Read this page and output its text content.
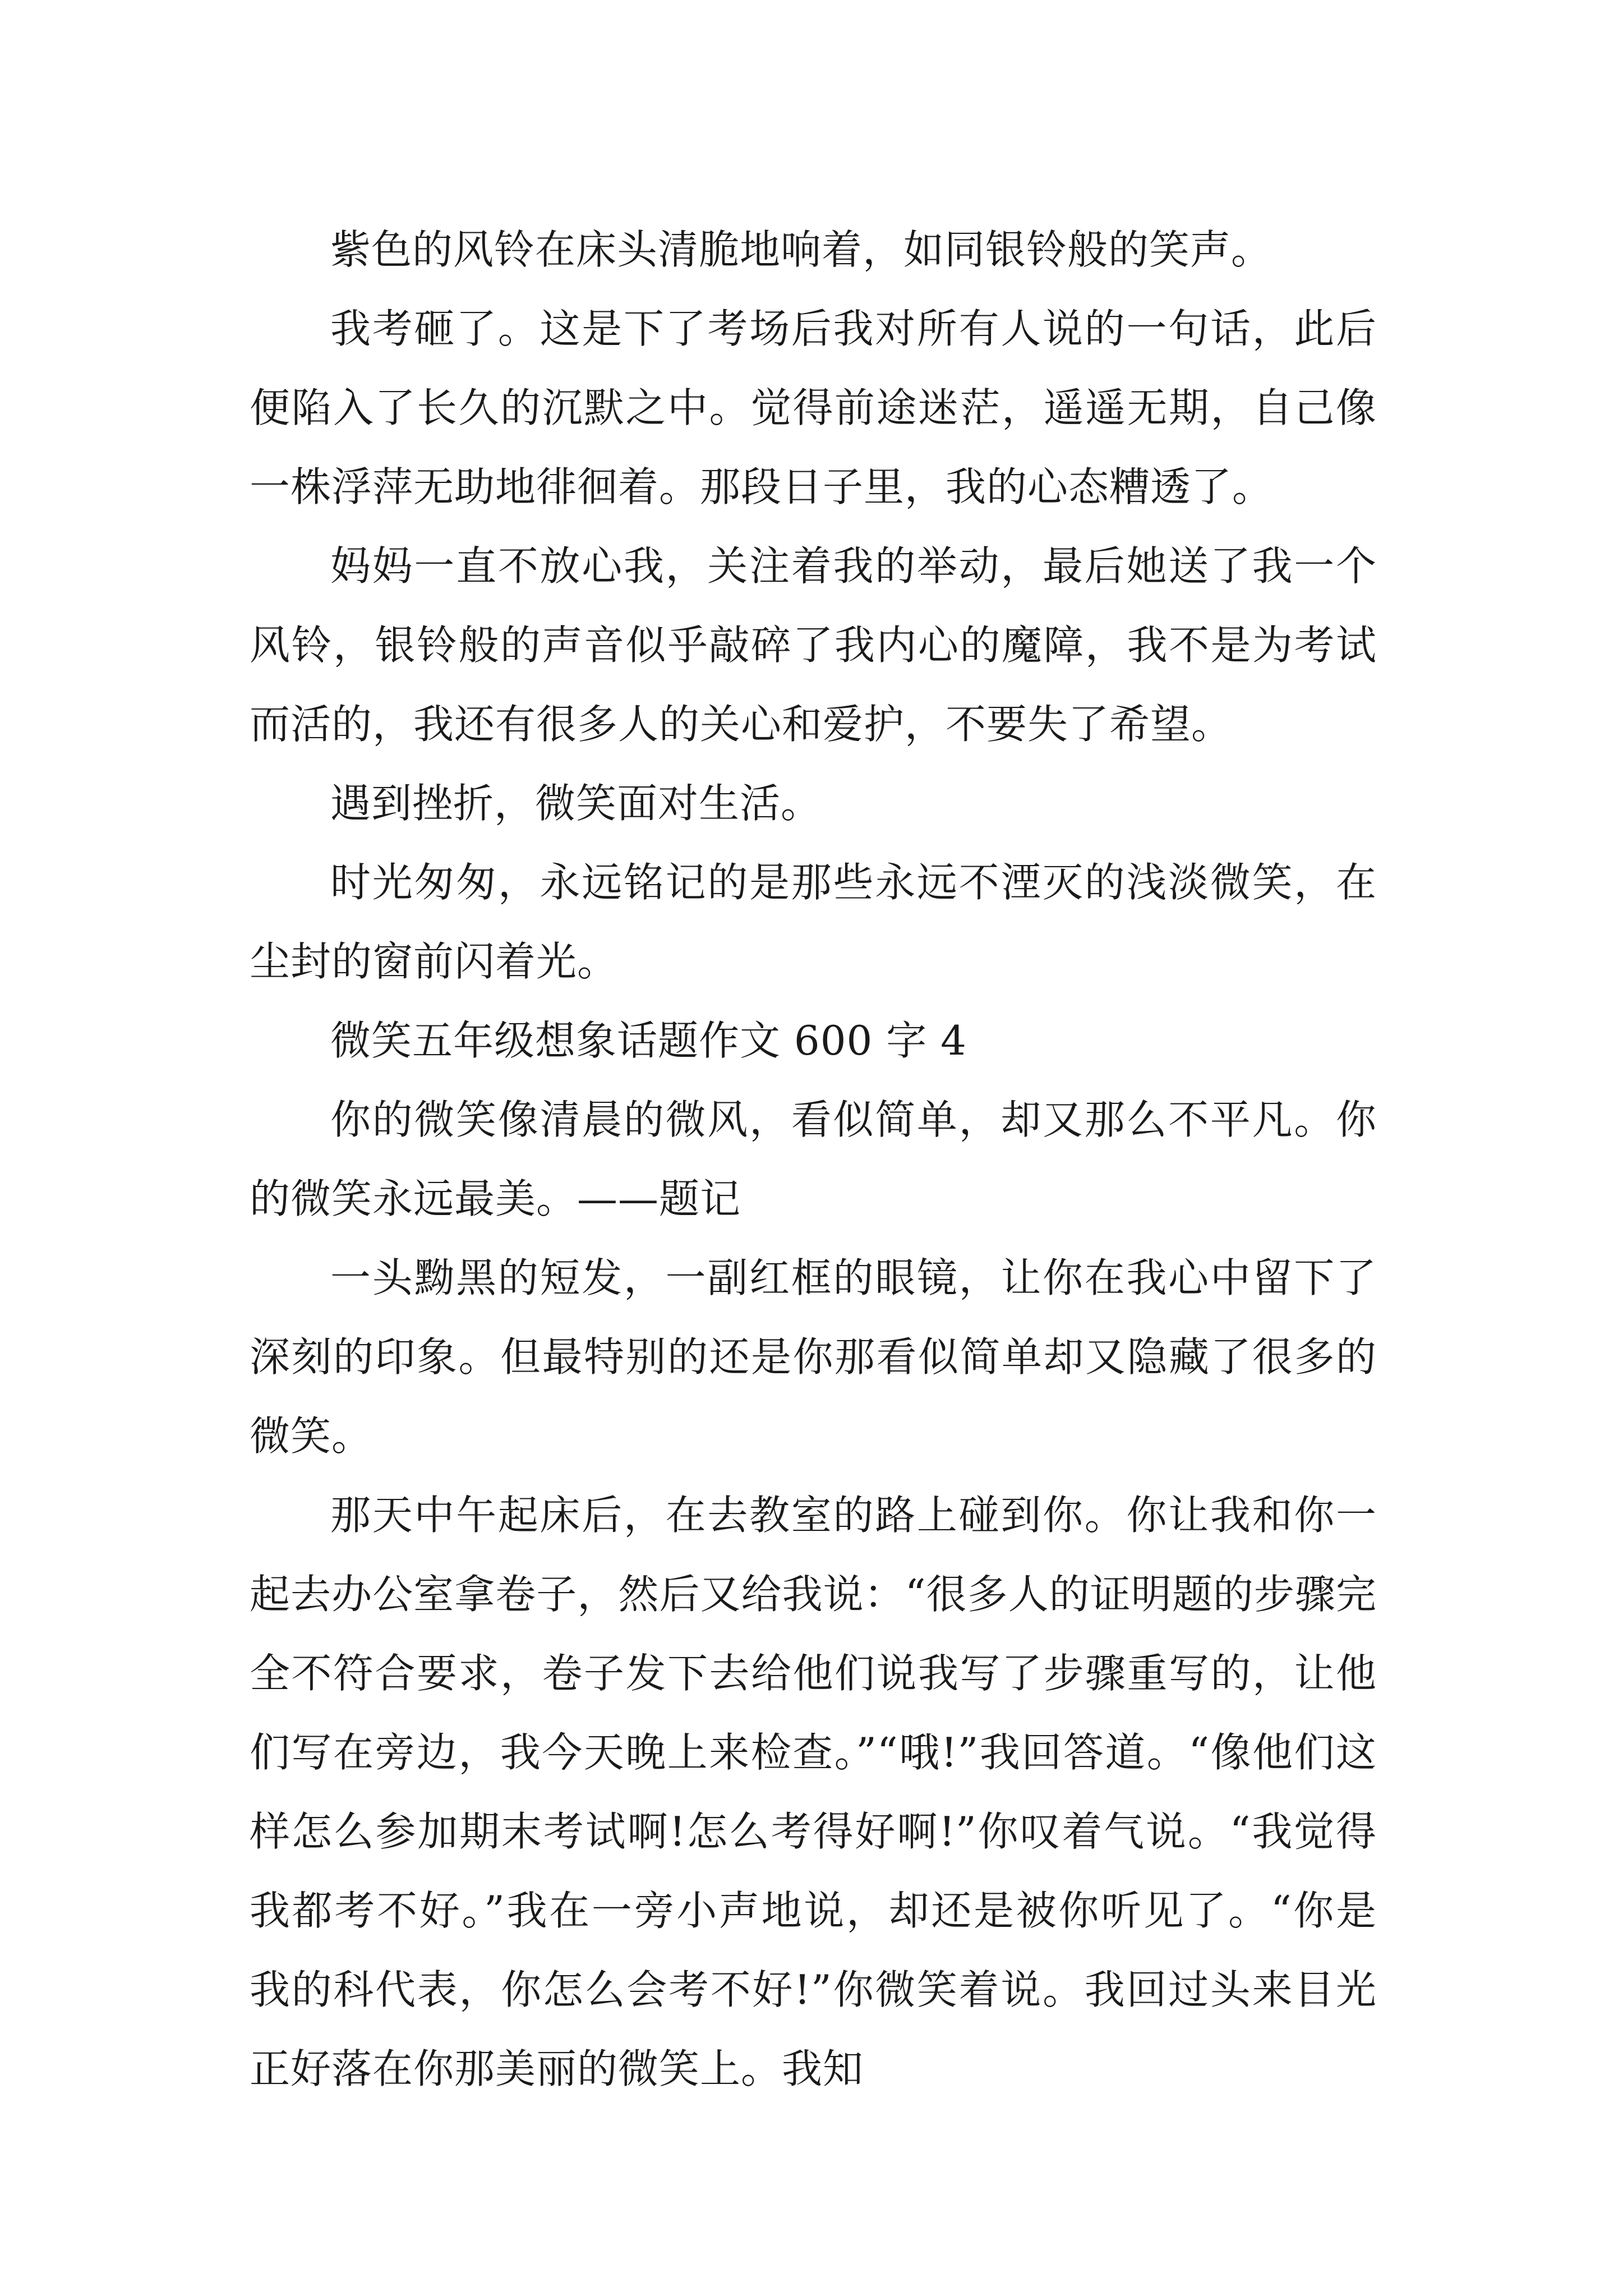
紫色的风铃在床头清脆地响着，如同银铃般的笑声。

我考砸了。这是下了考场后我对所有人说的一句话，此后便陷入了长久的沉默之中。觉得前途迷茫，遥遥无期，自己像一株浮萍无助地徘徊着。那段日子里，我的心态糟透了。

妈妈一直不放心我，关注着我的举动，最后她送了我一个风铃，银铃般的声音似乎敲碎了我内心的魔障，我不是为考试而活的，我还有很多人的关心和爱护，不要失了希望。

遇到挫折，微笑面对生活。

时光匆匆，永远铭记的是那些永远不湮灭的浅淡微笑，在尘封的窗前闪着光。

微笑五年级想象话题作文 600 字 4

你的微笑像清晨的微风，看似简单，却又那么不平凡。你的微笑永远最美。——题记

一头黝黑的短发，一副红框的眼镜，让你在我心中留下了深刻的印象。但最特别的还是你那看似简单却又隐藏了很多的微笑。

那天中午起床后，在去教室的路上碰到你。你让我和你一起去办公室拿卷子，然后又给我说：“很多人的证明题的步骤完全不符合要求，卷子发下去给他们说我写了步骤重写的，让他们写在旁边，我今天晚上来检查。”“哦!”我回答道。“像他们这样怎么参加期末考试啊!怎么考得好啊!”你叹着气说。“我觉得我都考不好。”我在一旁小声地说，却还是被你听见了。“你是我的科代表，你怎么会考不好!”你微笑着说。我回过头来目光正好落在你那美丽的微笑上。我知
